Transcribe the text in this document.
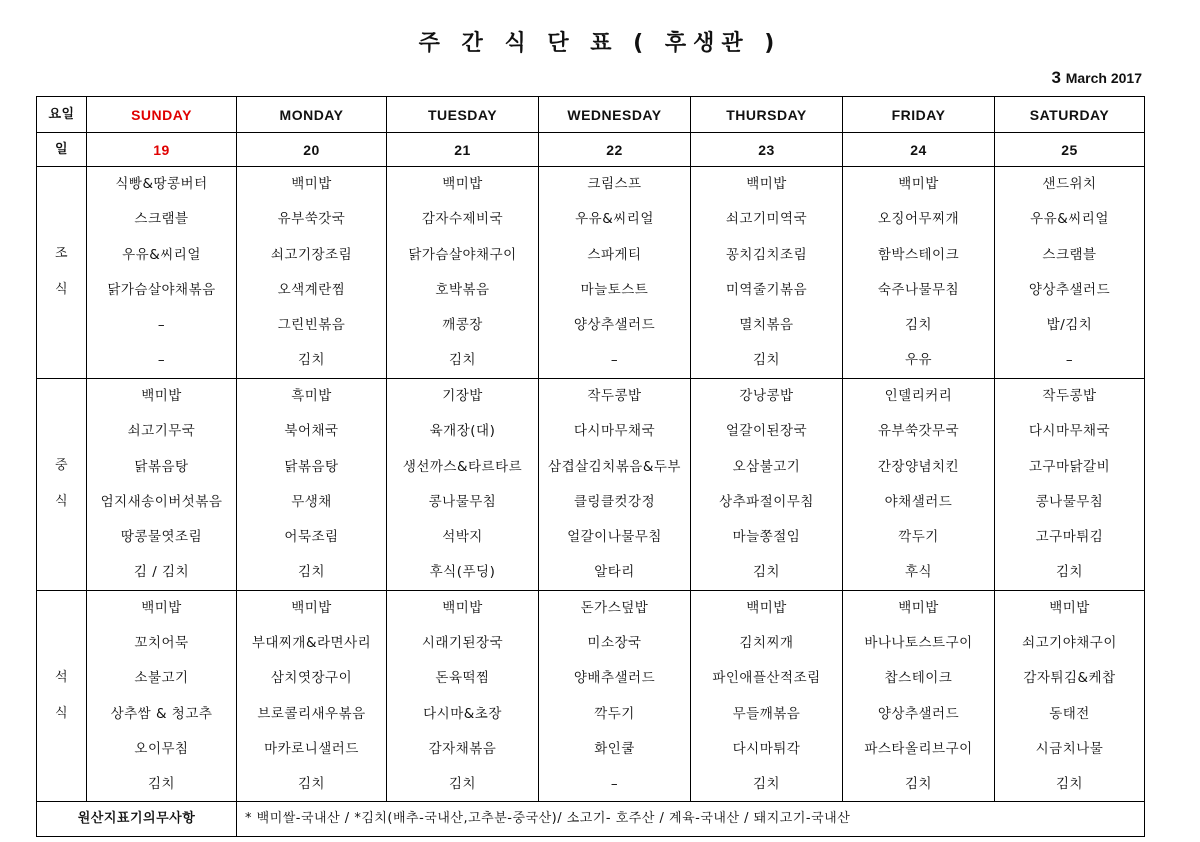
주 간 식 단 표 ( 후생관 )
3 March 2017
요일	SUNDAY	MONDAY	TUESDAY	WEDNESDAY	THURSDAY	FRIDAY	SATURDAY
일	19	20	21	22	23	24	25

조
식	식빵&땅콩버터	백미밥	백미밥	크림스프	백미밥	백미밥	샌드위치
	스크램블	유부쑥갓국	감자수제비국	우유&씨리얼	쇠고기미역국	오징어무찌개	우유&씨리얼
	우유&씨리얼	쇠고기장조림	닭가슴살야채구이	스파게티	꽁치김치조림	함박스테이크	스크램블
	닭가슴살야채볶음	오색계란찜	호박볶음	마늘토스트	미역줄기볶음	숙주나물무침	양상추샐러드
	–	그린빈볶음	깨콩장	양상추샐러드	멸치볶음	김치	밥/김치
	–	김치	김치	–	김치	우유	–

중
식	백미밥	흑미밥	기장밥	작두콩밥	강낭콩밥	인델리커리	작두콩밥
	쇠고기무국	북어채국	육개장(대)	다시마무채국	얼갈이된장국	유부쑥갓무국	다시마무채국
	닭볶음탕	닭볶음탕	생선까스&타르타르	삼겹살김치볶음&두부	오삼불고기	간장양념치킨	고구마닭갈비
	엄지새송이버섯볶음	무생채	콩나물무침	클링클컷강정	상추파절이무침	야채샐러드	콩나물무침
	땅콩물엿조림	어묵조림	석박지	얼갈이나물무침	마늘쫑절임	깍두기	고구마튀김
	김 / 김치	김치	후식(푸딩)	알타리	김치	후식	김치

석
식	백미밥	백미밥	백미밥	돈가스덮밥	백미밥	백미밥	백미밥
	꼬치어묵	부대찌개&라면사리	시래기된장국	미소장국	김치찌개	바나나토스트구이	쇠고기야채구이
	소불고기	삼치엿장구이	돈육떡찜	양배추샐러드	파인애플산적조림	찹스테이크	감자튀김&케찹
	상추쌈 & 청고추	브로콜리새우볶음	다시마&초장	깍두기	무들깨볶음	양상추샐러드	동태전
	오이무침	마카로니샐러드	감자채볶음	화인쿨	다시마튀각	파스타올리브구이	시금치나물
	김치	김치	김치	–	김치	김치	김치
원산지표기의무사항		* 백미쌀-국내산 / *김치(배추-국내산,고추분-중국산)/ 소고기- 호주산 / 계육-국내산 / 돼지고기-국내산					
